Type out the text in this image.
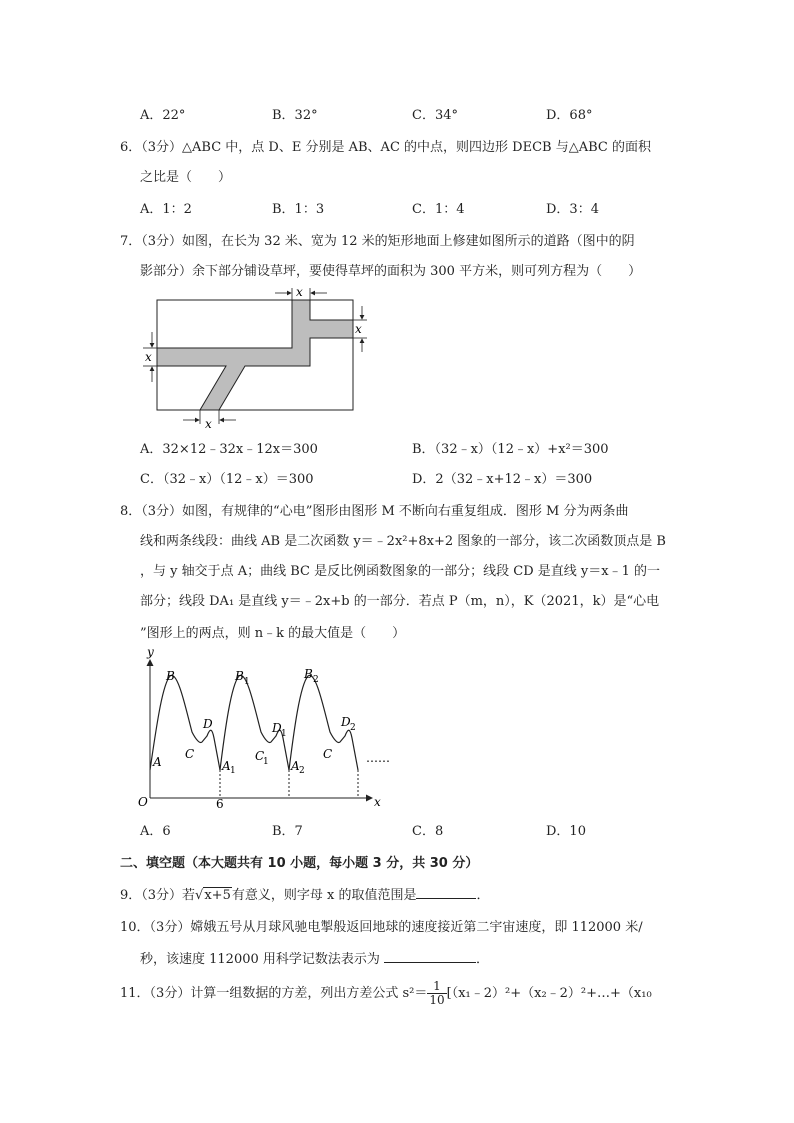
A．22°	B．32°	C．34°	D．68°
6．（3分）△ABC 中，点 D、E 分别是 AB、AC 的中点，则四边形 DECB 与△ABC 的面积
之比是（　　）
A．1：2	B．1：3	C．1：4	D．3：4
7．（3分）如图，在长为 32 米、宽为 12 米的矩形地面上修建如图所示的道路（图中的阴
影部分）余下部分铺设草坪，要使得草坪的面积为 300 平方米，则可列方程为（　　）
x
x
x
x
A．32×12﹣32x﹣12x＝300	B．（32﹣x）（12﹣x）+x²＝300
C．（32﹣x）（12﹣x）＝300	D．2（32﹣x+12﹣x）＝300
8．（3分）如图，有规律的“心电”图形由图形 M 不断向右重复组成．图形 M 分为两条曲
线和两条线段：曲线 AB 是二次函数 y＝﹣2x²+8x+2 图象的一部分，该二次函数顶点是 B
，与 y 轴交于点 A；曲线 BC 是反比例函数图象的一部分；线段 CD 是直线 y＝x﹣1 的一
部分；线段 DA₁ 是直线 y＝﹣2x+b 的一部分．若点 P（m，n），K（2021，k）是“心电
”图形上的两点，则 n﹣k 的最大值是（　　）
y
x
O	6
A
B
C
D
A
B
C
D
A
B
C
D
1
1
1
1
2
2
2
……
A．6	B．7	C．8	D．10
二、填空题（本大题共有 10 小题，每小题 3 分，共 30 分）
9．（3分）若√x+5有意义，则字母 x 的取值范围是	．
10．（3分）嫦娥五号从月球风驰电掣般返回地球的速度接近第二宇宙速度，即 112000 米/
秒，该速度 112000 用科学记数法表示为	．
11．（3分）计算一组数据的方差，列出方差公式 $s^2= \frac{1}{10}$ [（x₁﹣2）²+（x₂﹣2）²+…+（x₁₀
